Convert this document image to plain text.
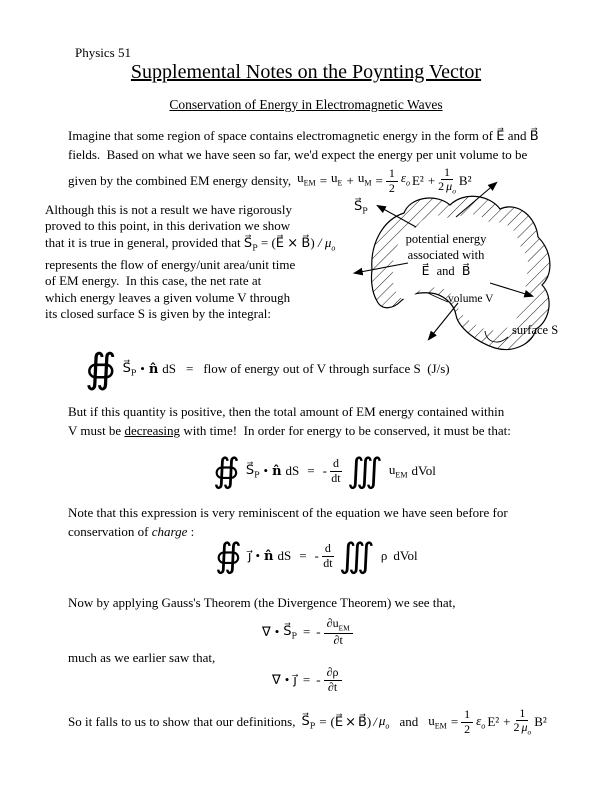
Physics 51
Supplemental Notes on the Poynting Vector
Conservation of Energy in Electromagnetic Waves
Imagine that some region of space contains electromagnetic energy in the form of E⃗ and B⃗
fields.  Based on what we have seen so far, we'd expect the energy per unit volume to be
given by the combined EM energy density, $u_{EM} = u_E + u_M = \frac{1}{2} \varepsilon_o$ $E^2 + \frac{1}{2 \mu_o} B^2$
Although this is not a result we have rigorously
proved to this point, in this derivation we show
that it is true in general, provided that $S⃗_P$ = (E⃗ × B⃗) / $\mu_o$
represents the flow of energy/unit area/unit time
of EM energy.  In this case, the net rate at
which energy leaves a given volume V through
its closed surface S is given by the integral:
$S⃗_P$
potential energy
associated with
E⃗ and B⃗
volume V
surface S
∯ $S⃗_P$ • n̂ dS = flow of energy out of V through surface S  (J/s)
But if this quantity is positive, then the total amount of EM energy contained within
V must be decreasing with time!  In order for energy to be conserved, it must be that:
∯ $S⃗_P$ • n̂ dS = - $\frac{d}{dt}$ ∭ $u_{EM}$ dVol
Note that this expression is very reminiscent of the equation we have seen before for
conservation of charge :
∯ j⃗ • n̂ dS = - $\frac{d}{dt}$ ∭ ρ dVol
Now by applying Gauss's Theorem (the Divergence Theorem) we see that,
∇ • $S⃗_P$ = - $\frac{\partial u_{EM}}{\partial t}$
much as we earlier saw that,
∇ • j⃗ = - $\frac{\partial\rho}{\partial t}$
So it falls to us to show that our definitions, $S⃗_P$ = ( E⃗ × B⃗ ) / $\mu_o$ and $u_{EM} = \frac{1}{2} \varepsilon_o$ $E^2 + \frac{1}{2 \mu_o} B^2$
